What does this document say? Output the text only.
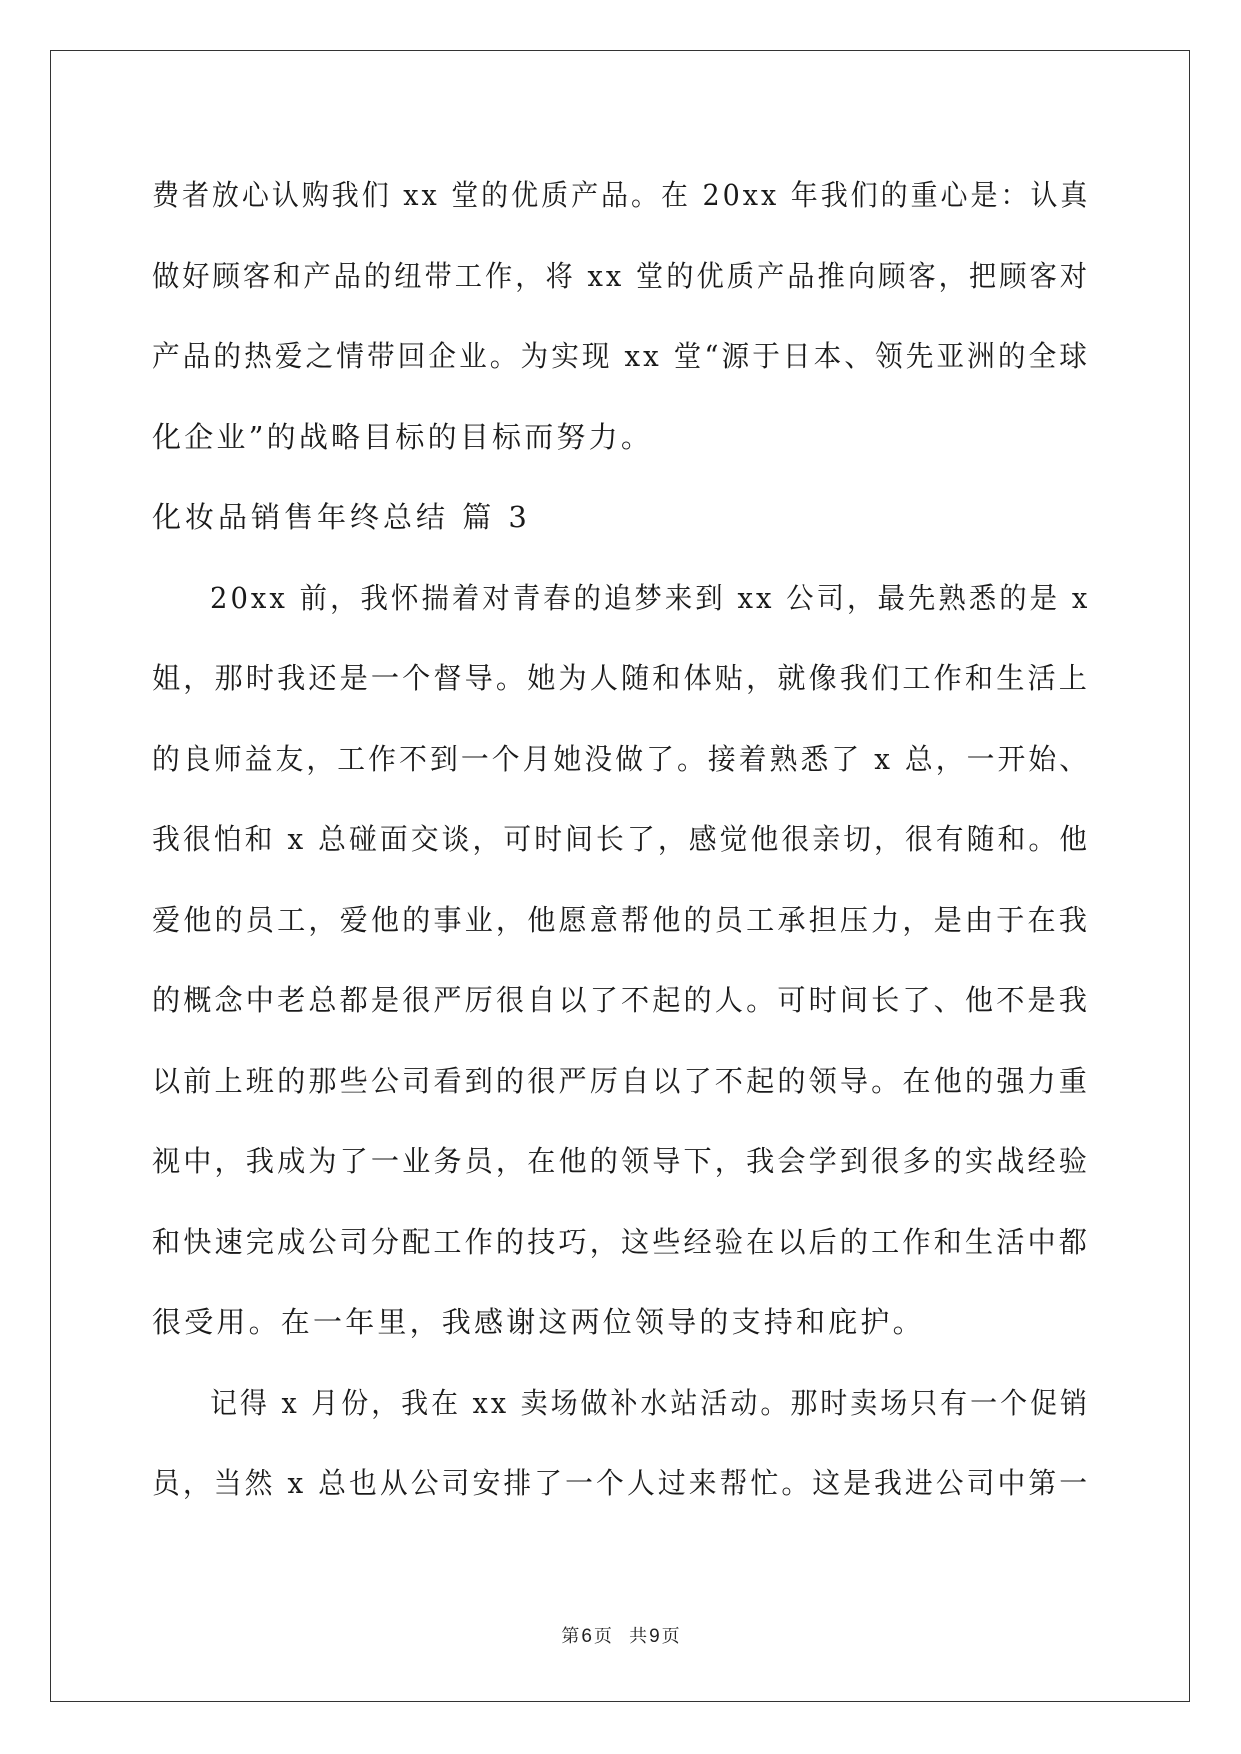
费者放心认购我们 xx 堂的优质产品。在 20xx 年我们的重心是：认真
做好顾客和产品的纽带工作，将 xx 堂的优质产品推向顾客，把顾客对
产品的热爱之情带回企业。为实现 xx 堂“源于日本、领先亚洲的全球
化企业”的战略目标的目标而努力。
化妆品销售年终总结 篇 3
20xx 前，我怀揣着对青春的追梦来到 xx 公司，最先熟悉的是 x
姐，那时我还是一个督导。她为人随和体贴，就像我们工作和生活上
的良师益友，工作不到一个月她没做了。接着熟悉了 x 总，一开始、
我很怕和 x 总碰面交谈，可时间长了，感觉他很亲切，很有随和。他
爱他的员工，爱他的事业，他愿意帮他的员工承担压力，是由于在我
的概念中老总都是很严厉很自以了不起的人。可时间长了、他不是我
以前上班的那些公司看到的很严厉自以了不起的领导。在他的强力重
视中，我成为了一业务员，在他的领导下，我会学到很多的实战经验
和快速完成公司分配工作的技巧，这些经验在以后的工作和生活中都
很受用。在一年里，我感谢这两位领导的支持和庇护。
记得 x 月份，我在 xx 卖场做补水站活动。那时卖场只有一个促销
员，当然 x 总也从公司安排了一个人过来帮忙。这是我进公司中第一
第 6 页 共 9 页
